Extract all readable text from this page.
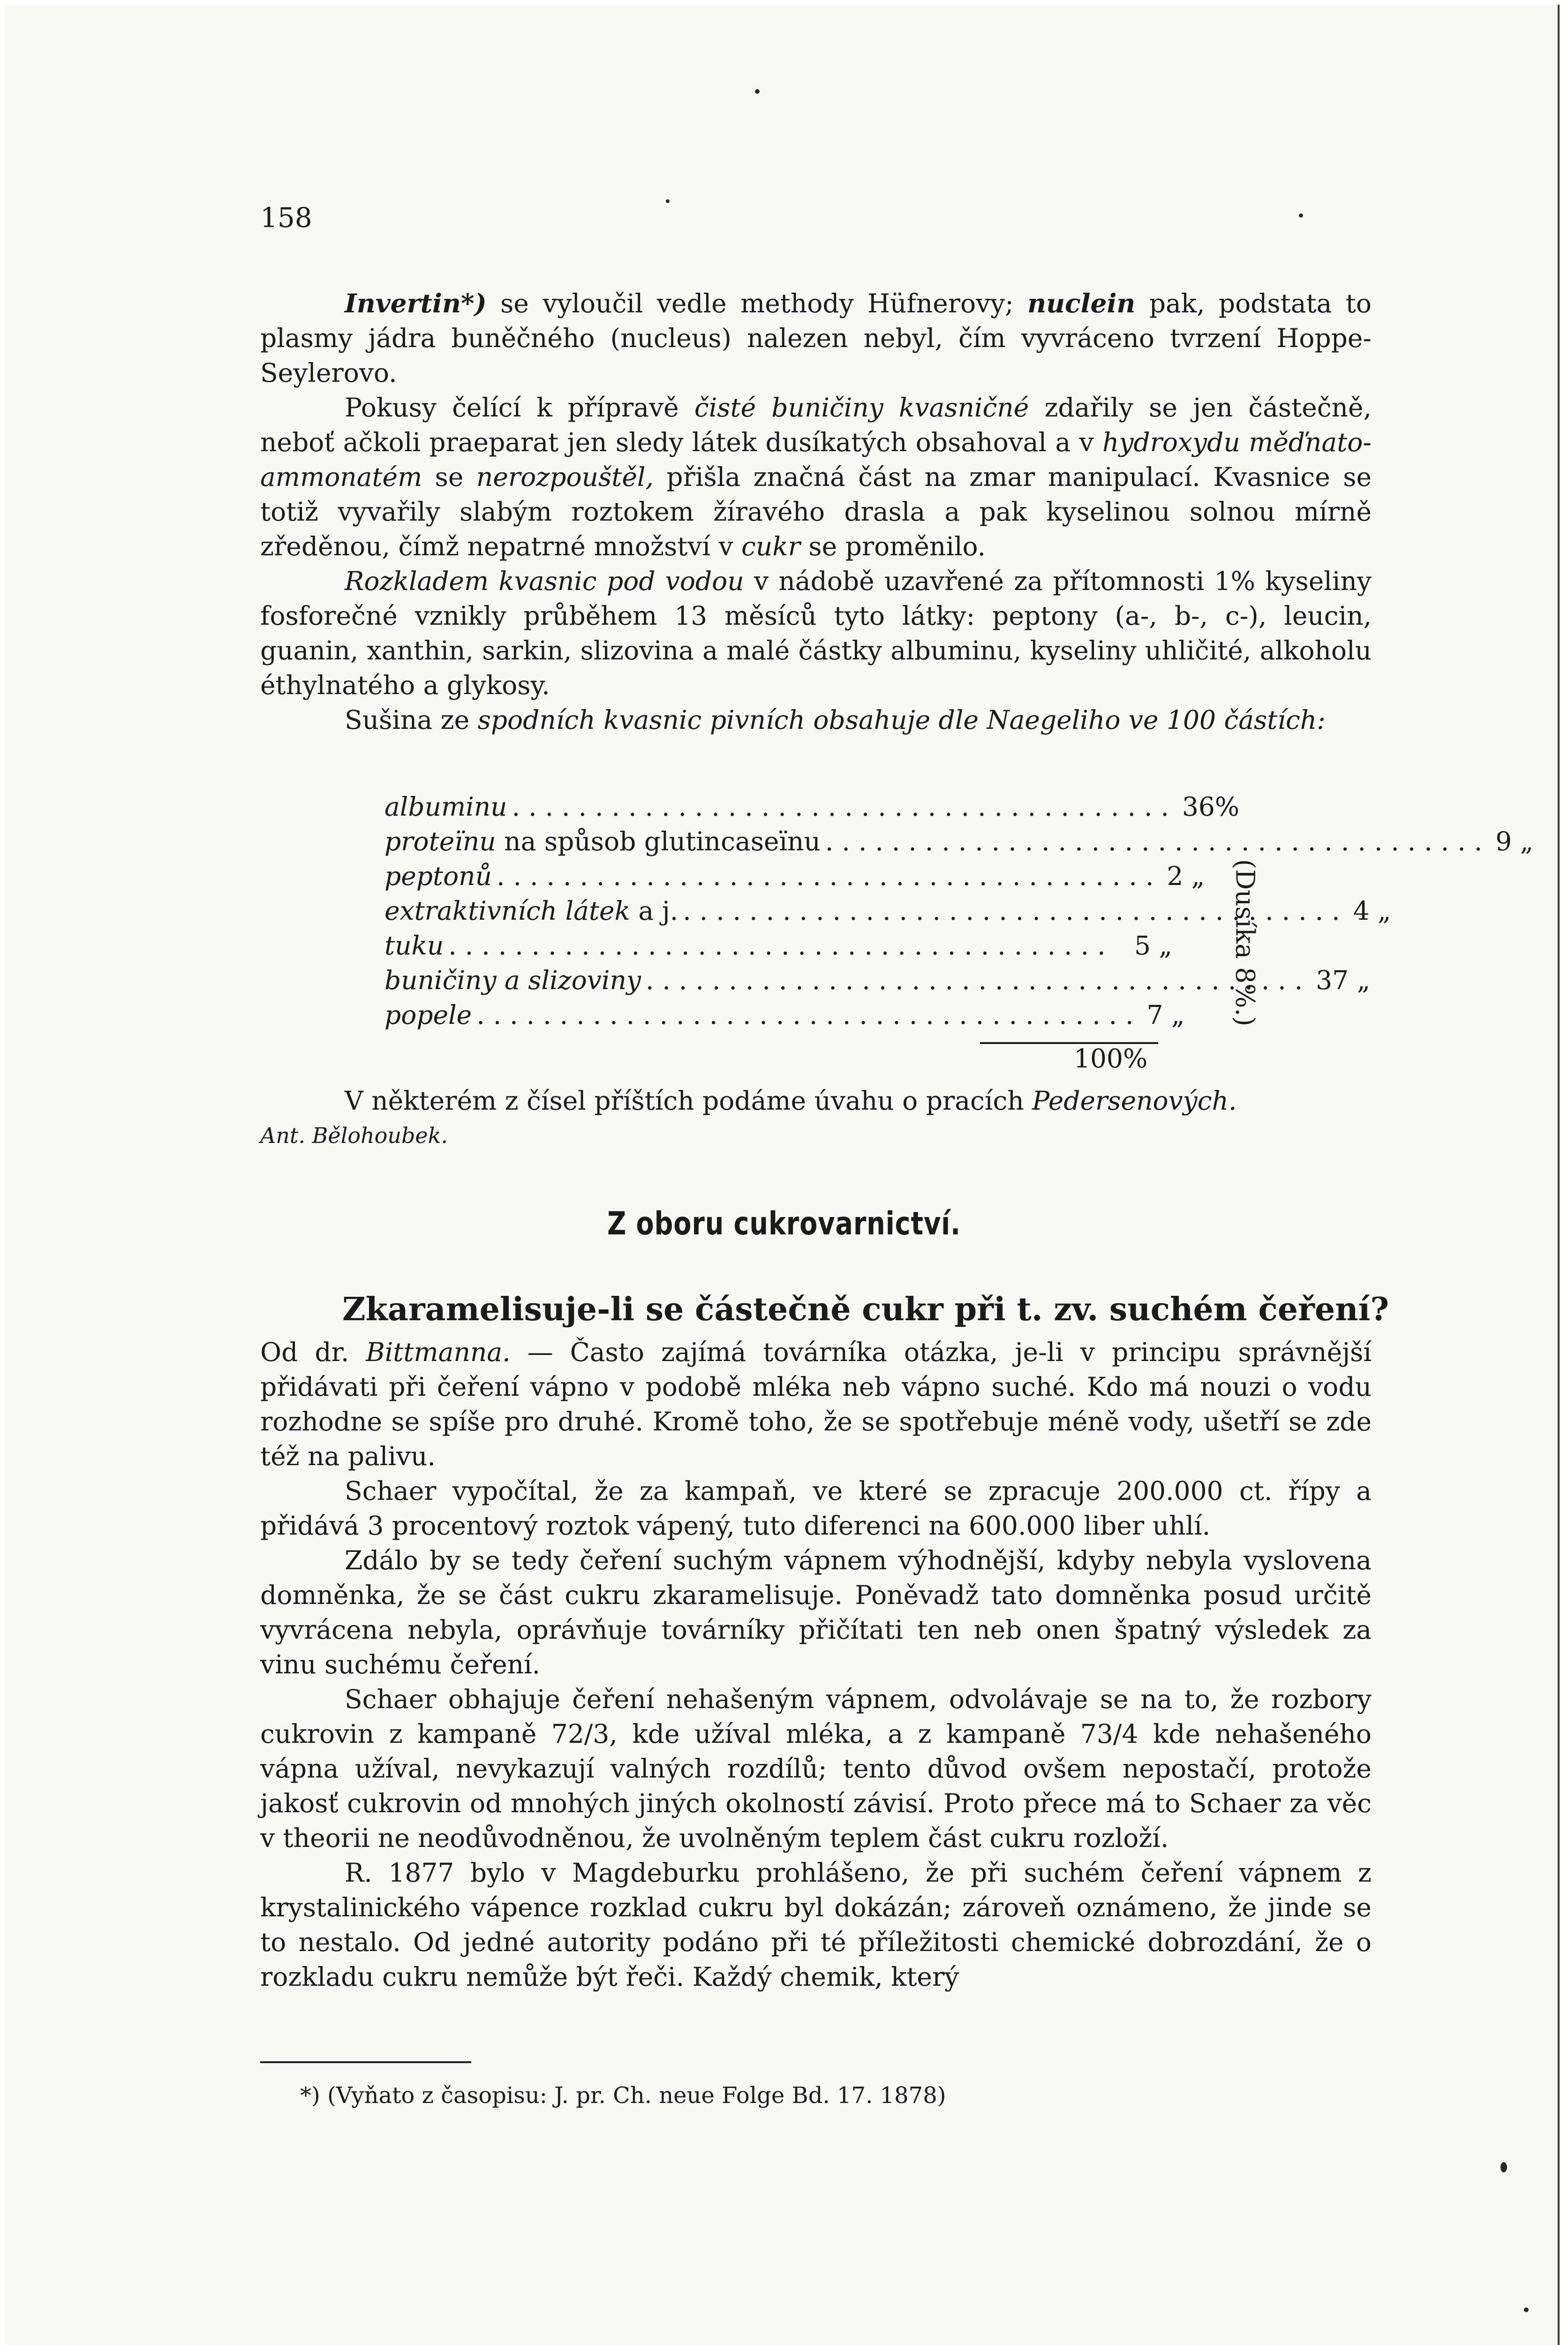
158

Invertin*) se vyloučil vedle methody Hüfnerovy; nuclein pak, podstata to plasmy jádra buněčného (nucleus) nalezen nebyl, čím vyvráceno tvrzení Hoppe-Seylerovo.

Pokusy čelící k přípravě čisté buničiny kvasničné zdařily se jen částečně, neboť ačkoli praeparat jen sledy látek dusíkatých obsahoval a v hydroxydu měďnato-ammonatém se nerozpouštěl, přišla značná část na zmar manipulací. Kvasnice se totiž vyvařily slabým roztokem žíravého drasla a pak kyselinou solnou mírně zředěnou, čímž nepatrné množství v cukr se proměnilo.

Rozkladem kvasnic pod vodou v nádobě uzavřené za přítomnosti 1% kyseliny fosforečné vznikly průběhem 13 měsíců tyto látky: peptony (a-, b-, c-), leucin, guanin, xanthin, sarkin, slizovina a malé částky albuminu, kyseliny uhličité, alkoholu éthylnatého a glykosy.

Sušina ze spodních kvasnic pivních obsahuje dle Naegeliho ve 100 částích:

albuminu ........................................ 36%
proteïnu na spůsob glutincaseïnu ........................................ 9 „
peptonů ........................................ 2 „
extraktivních látek a j. ........................................ 4 „
tuku ........................................ 5 „
buničiny a slizoviny ........................................ 37 „
popele ........................................ 7 „
100%
(Dusíka 8%.)

V některém z čísel příštích podáme úvahu o pracích Pedersenových.

Ant. Bělohoubek.

Z oboru cukrovarnictví.
Zkaramelisuje-li se částečně cukr při t. zv. suchém čeření?

Od dr. Bittmanna. — Často zajímá továrníka otázka, je-li v principu správnější přidávati při čeření vápno v podobě mléka neb vápno suché. Kdo má nouzi o vodu rozhodne se spíše pro druhé. Kromě toho, že se spotřebuje méně vody, ušetří se zde též na palivu.

Schaer vypočítal, že za kampaň, ve které se zpracuje 200.000 ct. řípy a přidává 3 procentový roztok vápený, tuto diferenci na 600.000 liber uhlí.

Zdálo by se tedy čeření suchým vápnem výhodnější, kdyby nebyla vyslovena domněnka, že se část cukru zkaramelisuje. Poněvadž tato domněnka posud určitě vyvrácena nebyla, oprávňuje továrníky přičítati ten neb onen špatný výsledek za vinu suchému čeření.

Schaer obhajuje čeření nehašeným vápnem, odvolávaje se na to, že rozbory cukrovin z kampaně 72/3, kde užíval mléka, a z kampaně 73/4 kde nehašeného vápna užíval, nevykazují valných rozdílů; tento důvod ovšem nepostačí, protože jakosť cukrovin od mnohých jiných okolností závisí. Proto přece má to Schaer za věc v theorii ne neodůvodněnou, že uvolněným teplem část cukru rozloží.

R. 1877 bylo v Magdeburku prohlášeno, že při suchém čeření vápnem z krystalinického vápence rozklad cukru byl dokázán; zároveň oznámeno, že jinde se to nestalo. Od jedné autority podáno při té příležitosti chemické dobrozdání, že o rozkladu cukru nemůže být řeči. Každý chemik, který

*) (Vyňato z časopisu: J. pr. Ch. neue Folge Bd. 17. 1878)
